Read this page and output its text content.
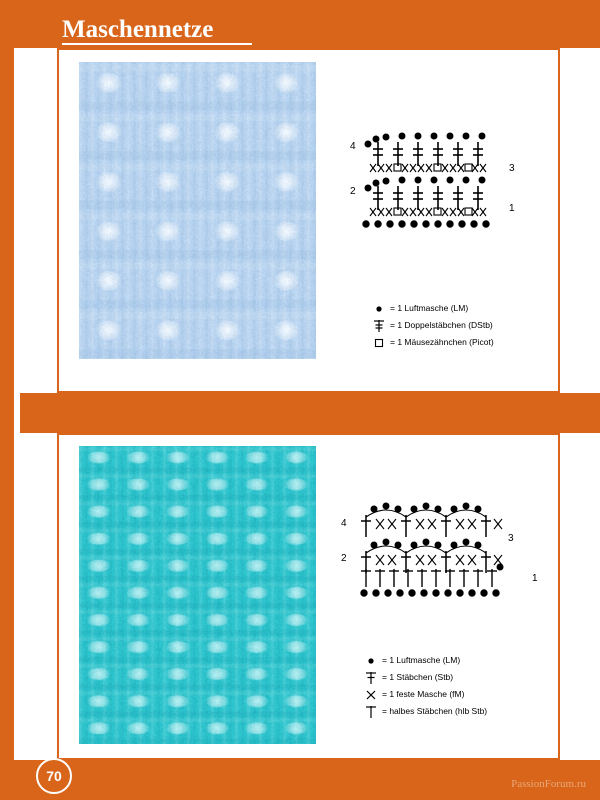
Maschennetze
4
2
3
1
= 1 Luftmasche (LM)
= 1 Doppelstäbchen (DStb)
= 1 Mäusezähnchen (Picot)
4
2
3
1
= 1 Luftmasche (LM)
= 1 Stäbchen (Stb)
= 1 feste Masche (fM)
= halbes Stäbchen (hlb Stb)
70	PassionForum.ru
